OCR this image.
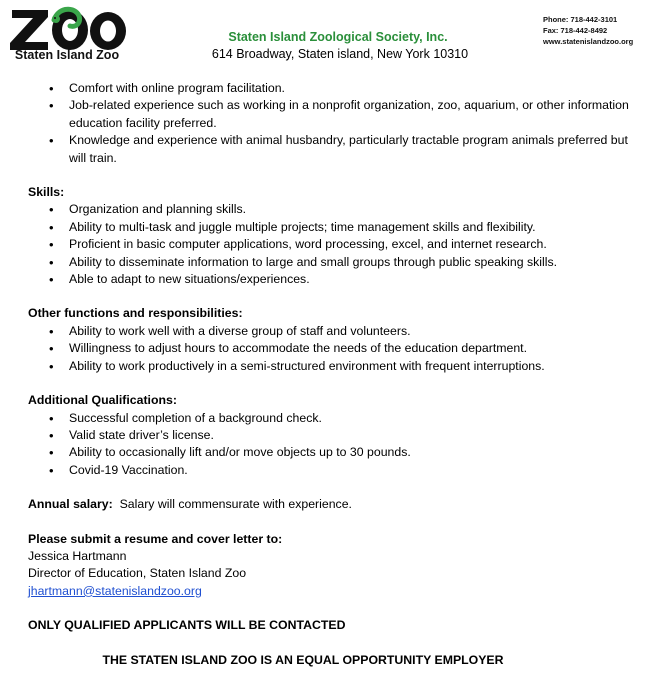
Staten Island Zoo
Staten Island Zoological Society, Inc.
614 Broadway, Staten island, New York 10310
Phone: 718-442-3101
Fax: 718-442-8492
www.statenislandzoo.org
• Comfort with online program facilitation.
• Job-related experience such as working in a nonprofit organization, zoo, aquarium, or other information education facility preferred.
• Knowledge and experience with animal husbandry, particularly tractable program animals preferred but will train.
Skills:
• Organization and planning skills.
• Ability to multi-task and juggle multiple projects; time management skills and flexibility.
• Proficient in basic computer applications, word processing, excel, and internet research.
• Ability to disseminate information to large and small groups through public speaking skills.
• Able to adapt to new situations/experiences.
Other functions and responsibilities:
• Ability to work well with a diverse group of staff and volunteers.
• Willingness to adjust hours to accommodate the needs of the education department.
• Ability to work productively in a semi-structured environment with frequent interruptions.
Additional Qualifications:
• Successful completion of a background check.
• Valid state driver’s license.
• Ability to occasionally lift and/or move objects up to 30 pounds.
• Covid-19 Vaccination.
Annual salary: Salary will commensurate with experience.
Please submit a resume and cover letter to:
Jessica Hartmann
Director of Education, Staten Island Zoo
jhartmann@statenislandzoo.org
ONLY QUALIFIED APPLICANTS WILL BE CONTACTED
THE STATEN ISLAND ZOO IS AN EQUAL OPPORTUNITY EMPLOYER
